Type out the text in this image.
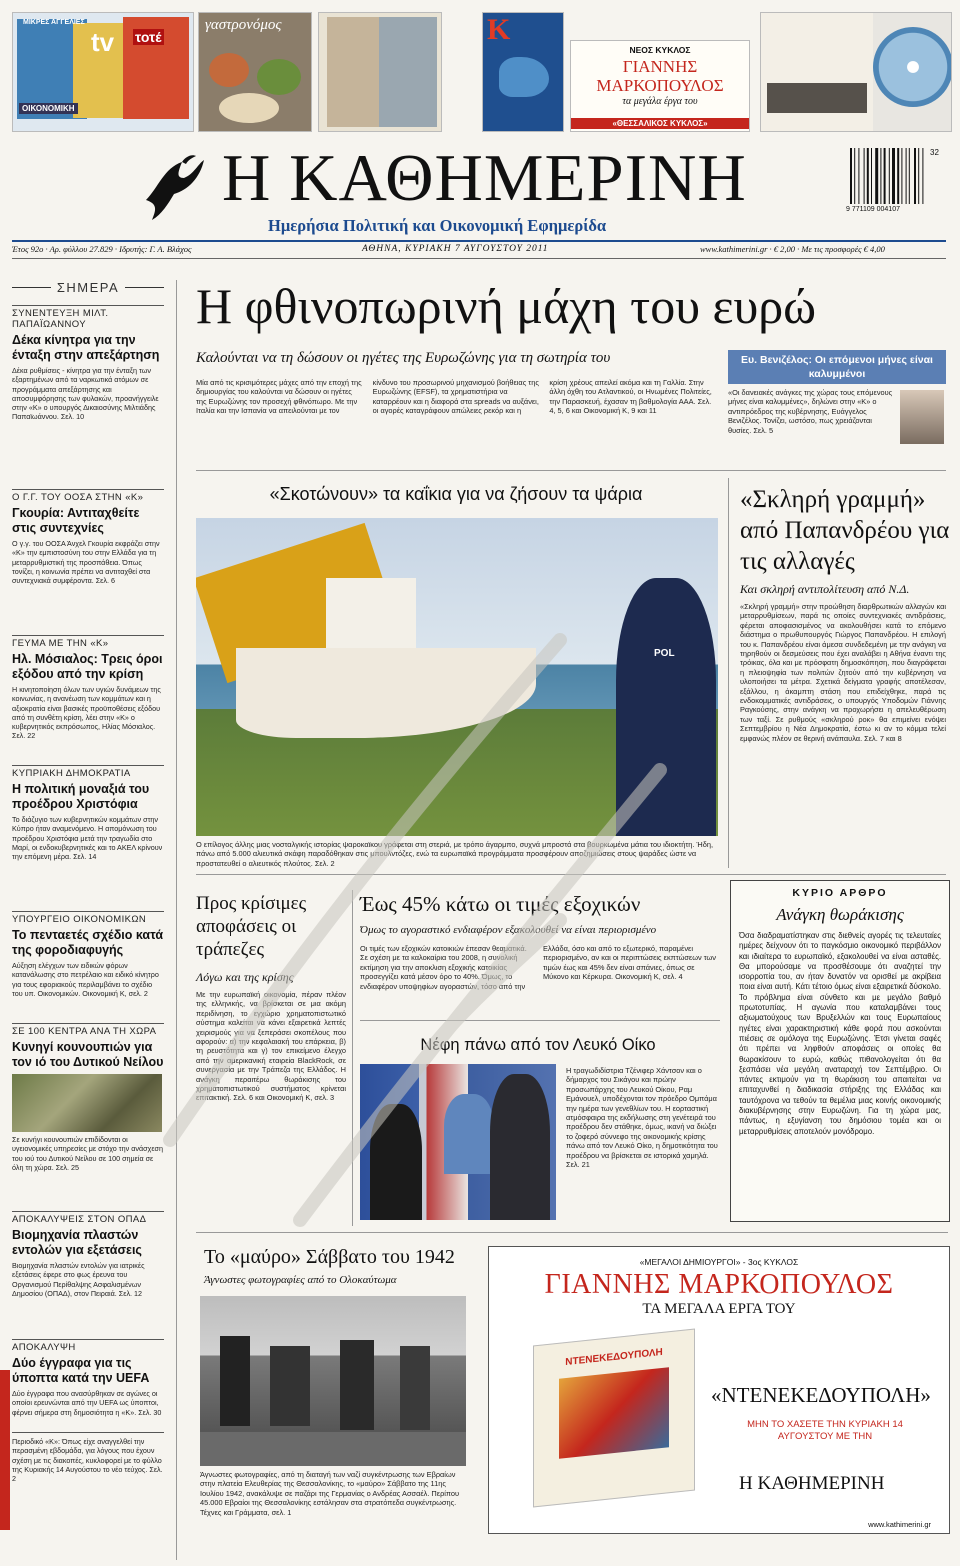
tv τοτέ
ΜΙΚΡΕΣ ΑΓΓΕΛΙΕΣ
ΟΙΚΟΝΟΜΙΚΗ
γαστρονόμος	K
ΝΕΟΣ ΚΥΚΛΟΣ
ΓΙΑΝΝΗΣ ΜΑΡΚΟΠΟΥΛΟΣ
τα μεγάλα έργα του
«ΘΕΣΣΑΛΙΚΟΣ ΚΥΚΛΟΣ»
Η ΚΑΘΗΜΕΡΙΝΗ
Ημερήσια Πολιτική και Οικονομική Εφημερίδα
9 771109 004107
32
Έτος 92ο · Αρ. φύλλου 27.829 · Ιδρυτής: Γ. Α. Βλάχος	ΑΘΗΝΑ, ΚΥΡΙΑΚΗ 7 ΑΥΓΟΥΣΤΟΥ 2011	www.kathimerini.gr · € 2,00 · Με τις προσφορές € 4,00
ΣΗΜΕΡΑ
ΣΥΝΕΝΤΕΥΞΗ ΜΙΛΤ. ΠΑΠΑΪΩΑΝΝΟΥ
Δέκα κίνητρα για την ένταξη στην απεξάρτηση
Δέκα ρυθμίσεις - κίνητρα για την ένταξη των εξαρτημένων από τα ναρκωτικά ατόμων σε προγράμματα απεξάρτησης και αποσυμφόρησης των φυλακών, προανήγγειλε στην «Κ» ο υπουργός Δικαιοσύνης Μιλτιάδης Παπαϊωάννου. Σελ. 10
Ο Γ.Γ. ΤΟΥ ΟΟΣΑ ΣΤΗΝ «Κ»
Γκουρία: Αντιταχθείτε στις συντεχνίες
Ο γ.γ. του ΟΟΣΑ Άνχελ Γκουρία εκφράζει στην «Κ» την εμπιστοσύνη του στην Ελλάδα για τη μεταρρυθμιστική της προσπάθεια. Όπως τονίζει, η κοινωνία πρέπει να αντιταχθεί στα συντεχνιακά συμφέροντα. Σελ. 6
ΓΕΥΜΑ ΜΕ ΤΗΝ «Κ»
Ηλ. Μόσιαλος: Τρεις όροι εξόδου από την κρίση
Η κινητοποίηση όλων των υγιών δυνάμεων της κοινωνίας, η ανανέωση των κομμάτων και η αξιοκρατία είναι βασικές προϋποθέσεις εξόδου από τη συνθέτη κρίση, λέει στην «Κ» ο κυβερνητικός εκπρόσωπος, Ηλίας Μόσιαλος. Σελ. 22
ΚΥΠΡΙΑΚΗ ΔΗΜΟΚΡΑΤΙΑ
Η πολιτική μοναξιά του προέδρου Χριστόφια
Το διάζυγιο των κυβερνητικών κομμάτων στην Κύπρο ήταν αναμενόμενο. Η απομόνωση του προέδρου Χριστόφια μετά την τραγωδία στο Μαρί, οι ενδοκυβερνητικές και το ΑΚΕΛ κρίνουν την επόμενη μέρα. Σελ. 14
ΥΠΟΥΡΓΕΙΟ ΟΙΚΟΝΟΜΙΚΩΝ
Το πενταετές σχέδιο κατά της φοροδιαφυγής
Αύξηση ελέγχων των ειδικών φόρων κατανάλωσης στο πετρέλαιο και ειδικό κίνητρο για τους εφοριακούς περιλαμβάνει το σχέδιο του υπ. Οικονομικών. Οικονομική Κ, σελ. 2
ΣΕ 100 ΚΕΝΤΡΑ ΑΝΑ ΤΗ ΧΩΡΑ
Κυνηγί κουνουπιών για τον ιό του Δυτικού Νείλου
Σε κυνήγι κουνουπιών επιδίδονται οι υγειονομικές υπηρεσίες με στόχο την ανάσχεση του ιού του Δυτικού Νείλου σε 100 σημεία σε όλη τη χώρα. Σελ. 25
ΑΠΟΚΑΛΥΨΕΙΣ ΣΤΟΝ ΟΠΑΔ
Βιομηχανία πλαστών εντολών για εξετάσεις
Βιομηχανία πλαστών εντολών για ιατρικές εξετάσεις έφερε στο φως έρευνα του Οργανισμού Περίθαλψης Ασφαλισμένων Δημοσίου (ΟΠΑΔ), στον Πειραιά. Σελ. 12
ΑΠΟΚΑΛΥΨΗ
Δύο έγγραφα για τις ύποπτα κατά την UEFA
Δύο έγγραφα που ανασύρθηκαν σε αγώνες οι οποίοι ερευνώνται από την UEFA ως ύποπτοι, φέρνει σήμερα στη δημοσιότητα η «Κ». Σελ. 30
Περιοδικό «Κ»: Όπως είχε αναγγελθεί την περασμένη εβδομάδα, για λόγους που έχουν σχέση με τις διακοπές, κυκλοφορεί με το φύλλο της Κυριακής 14 Αυγούστου το νέο τεύχος. Σελ. 2
Η φθινοπωρινή μάχη του ευρώ
Καλούνται να τη δώσουν οι ηγέτες της Ευρωζώνης για τη σωτηρία του
Μία από τις κρισιμότερες μάχες από την εποχή της δημιουργίας του καλούνται να δώσουν οι ηγέτες της Ευρωζώνης τον προσεχή φθινόπωρο. Με την Ιταλία και την Ισπανία να απειλούνται με τον κίνδυνο του προσωρινού μηχανισμού βοήθειας της Ευρωζώνης (EFSF), τα χρηματιστήρια να καταρρέουν και η διαφορά στα spreads να αυξάνει, οι αγορές καταγράφουν απώλειες ρεκόρ και η κρίση χρέους απειλεί ακόμα και τη Γαλλία. Στην άλλη όχθη του Ατλαντικού, οι Ηνωμένες Πολιτείες, την Παρασκευή, έχασαν τη βαθμολογία ΑΑΑ. Σελ. 4, 5, 6 και Οικονομική Κ, 9 και 11
Ευ. Βενιζέλος: Οι επόμενοι μήνες είναι καλυμμένοι
«Οι δανειακές ανάγκες της χώρας τους επόμενους μήνες είναι καλυμμένες», δηλώνει στην «Κ» ο αντιπρόεδρος της κυβέρνησης, Ευάγγελος Βενιζέλος. Τονίζει, ωστόσο, πως χρειάζονται θυσίες. Σελ. 5
«Σκοτώνουν» τα καΐκια για να ζήσουν τα ψάρια
POL
Ο επίλογος άλλης μιας νοσταλγικής ιστορίας ψαροκαϊκου γράφεται στη στεριά, με τρόπο άγαρμπο, συχνά μπροστά στα βουρκωμένα μάτια του ιδιοκτήτη. Ήδη, πάνω από 5.000 αλιευτικά σκάφη παραδόθηκαν στις μπουλντόζες, ενώ τα ευρωπαϊκά προγράμματα προσφέρουν αποζημιώσεις στους ψαράδες ώστε να προστατευθεί ο αλιευτικός πλούτος. Σελ. 2
«Σκληρή γραμμή» από Παπανδρέου για τις αλλαγές
Και σκληρή αντιπολίτευση από Ν.Δ.
«Σκληρή γραμμή» στην προώθηση διαρθρωτικών αλλαγών και μεταρρυθμίσεων, παρά τις οποίες συντεχνιακές αντιδράσεις, φέρεται αποφασισμένος να ακολουθήσει κατά το επόμενο διάστημα ο πρωθυπουργός Γιώργος Παπανδρέου. Η επιλογή του κ. Παπανδρέου είναι άμεσα συνδεδεμένη με την ανάγκη να τηρηθούν οι δεσμεύσεις που έχει αναλάβει η Αθήνα έναντι της τρόικας, όλα και με πρόσφατη δημοσκόπηση, που διαγράφεται η πλειοψηφία των πολιτών ζητούν από την κυβέρνηση να υλοποιήσει τα μέτρα. Σχετικά δείγματα γραφής αποτέλεσαν, εξάλλου, η άκαμπτη στάση που επιδείχθηκε, παρά τις ενδοκομματικές αντιδράσεις, ο υπουργός Υποδομών Γιάννης Ραγκούσης, στην ανάγκη να προχωρήσει η απελευθέρωση των ταξί. Σε ρυθμούς «σκληρού ροκ» θα επιμείνει ενόψει Σεπτεμβρίου η Νέα Δημοκρατία, έστω κι αν το κόμμα τελεί εμφανώς πλέον σε θερινή ανάπαυλα. Σελ. 7 και 8
ΚΥΡΙΟ ΑΡΘΡΟ
Ανάγκη θωράκισης
Όσα διαδραματίστηκαν στις διεθνείς αγορές τις τελευταίες ημέρες δείχνουν ότι το παγκόσμιο οικονομικό περιβάλλον και ιδιαίτερα το ευρωπαϊκό, εξακολουθεί να είναι ασταθές. Θα μπορούσαμε να προσθέσουμε ότι αναζητεί την ισορροπία του, αν ήταν δυνατόν να ορισθεί με ακρίβεια ποια είναι αυτή. Κάτι τέτοιο όμως είναι εξαιρετικά δύσκολο. Το πρόβλημα είναι σύνθετο και με μεγάλο βαθμό πρωτοτυπίας. Η αγωνία που καταλαμβάνει τους αξιωματούχους των Βρυξελλών και τους Ευρωπαίους ηγέτες είναι χαρακτηριστική κάθε φορά που ασκούνται πιέσεις σε ομόλογα της Ευρωζώνης. Έτσι γίνεται σαφές ότι πρέπει να ληφθούν αποφάσεις οι οποίες θα θωρακίσουν το ευρώ, καθώς πιθανολογείται ότι θα ξεσπάσει νέα μεγάλη αναταραχή τον Σεπτέμβριο. Οι πάντες εκτιμούν για τη θωράκιση του απαιτείται να επιταχυνθεί η διαδικασία στήριξης της Ελλάδας και ταυτόχρονα να τεθούν τα θεμέλια μιας κοινής οικονομικής διακυβέρνησης στην Ευρωζώνη. Για τη χώρα μας, πάντως, η εξυγίανση του δημόσιου τομέα και οι μεταρρυθμίσεις αποτελούν μονόδρομο.
Προς κρίσιμες αποφάσεις οι τράπεζες
Λόγω και της κρίσης
Με την ευρωπαϊκή οικονομία, πέραν πλέον της ελληνικής, να βρίσκεται σε μια ακόμη περιδίνηση, το εγχώριο χρηματοπιστωτικό σύστημα καλείται να κάνει εξαιρετικά λεπτές χειρισμούς για να ξεπεράσει σκοπέλους που αφορούν: α) την κεφαλαιακή του επάρκεια, β) τη ρευστότητα και γ) τον επικείμενο έλεγχο από την αμερικανική εταιρεία BlackRock, σε συνεργασία με την Τράπεζα της Ελλάδος. Η ανάγκη περαιτέρω θωράκισης του χρηματοπιστωτικού συστήματος κρίνεται επιτακτική. Σελ. 6 και Οικονομική Κ, σελ. 3
Έως 45% κάτω οι τιμές εξοχικών
Όμως το αγοραστικό ενδιαφέρον εξακολουθεί να είναι περιορισμένο
Οι τιμές των εξοχικών κατοικιών έπεσαν θεαματικά. Σε σχέση με τα καλοκαίρια του 2008, η συνολική εκτίμηση για την αποκλιση εξοχικής κατοικίας προσεγγίζει κατά μέσον όρο το 40%. Όμως, το ενδιαφέρον υποψηφίων αγοραστών, τόσο από την Ελλάδα, όσο και από το εξωτερικό, παραμένει περιορισμένο, αν και οι περιπτώσεις εκπτώσεων των τιμών έως και 45% δεν είναι σπάνιες, όπως σε Μύκονο και Κέρκυρα. Οικονομική Κ, σελ. 4
Νέφη πάνω από τον Λευκό Οίκο
Η τραγωδιδίστρια Τζένιφερ Χάντσον και ο δήμαρχος του Σικάγου και πρώην προσωπάρχης του Λευκού Οίκου, Ραμ Εμάνουελ, υποδέχονται τον πρόεδρο Ομπάμα την ημέρα των γενεθλίων του. Η εορταστική ατμόσφαιρα της εκδήλωσης στη γενέτειρά του προέδρου δεν στάθηκε, όμως, ικανή να διώξει το ζοφερό σύννεφο της οικονομικής κρίσης πάνω από τον Λευκό Οίκο, η δημοτικότητα του προέδρου να βρίσκεται σε ιστορικά χαμηλά. Σελ. 21
Το «μαύρο» Σάββατο του 1942
Άγνωστες φωτογραφίες από το Ολοκαύτωμα
Άγνωστες φωτογραφίες, από τη διαταγή των ναζί συγκέντρωσης των Εβραίων στην πλατεία Ελευθερίας της Θεσσαλονίκης, το «μαύρο» Σάββατο της 11ης Ιουλίου 1942, ανακάλυψε σε παζάρι της Γερμανίας ο Ανδρέας Ασσαέλ. Περίπου 45.000 Εβραίοι της Θεσσαλονίκης εστάλησαν στα στρατόπεδα συγκέντρωσης. Τέχνες και Γράμματα, σελ. 1
«ΜΕΓΑΛΟΙ ΔΗΜΙΟΥΡΓΟΙ» - 3ος ΚΥΚΛΟΣ
ΓΙΑΝΝΗΣ ΜΑΡΚΟΠΟΥΛΟΣ
ΤΑ ΜΕΓΑΛΑ ΕΡΓΑ ΤΟΥ
ΝΤΕΝΕΚΕΔΟΥΠΟΛΗ
«ΝΤΕΝΕΚΕΔΟΥΠΟΛΗ»
ΜΗΝ ΤΟ ΧΑΣΕΤΕ ΤΗΝ ΚΥΡΙΑΚΗ 14 ΑΥΓΟΥΣΤΟΥ ΜΕ ΤΗΝ
Η ΚΑΘΗΜΕΡΙΝΗ
www.kathimerini.gr
